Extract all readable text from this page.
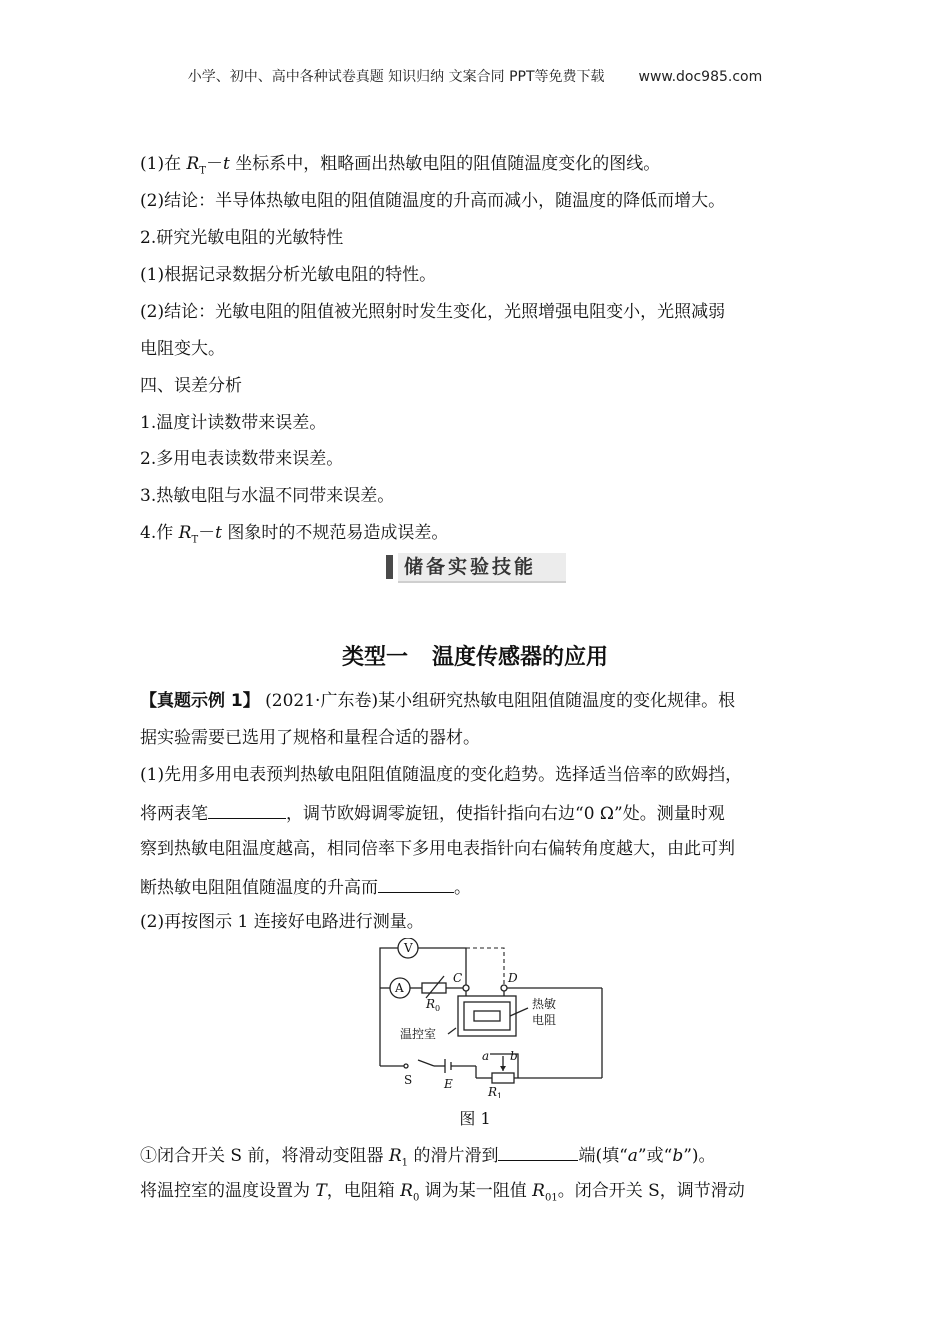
小学、初中、高中各种试卷真题 知识归纳 文案合同 PPT等免费下载 www.doc985.com
(1)在 $R_T-t$ 坐标系中，粗略画出热敏电阻的阻值随温度变化的图线。
(2)结论：半导体热敏电阻的阻值随温度的升高而减小，随温度的降低而增大。
2.研究光敏电阻的光敏特性
(1)根据记录数据分析光敏电阻的特性。
(2)结论：光敏电阻的阻值被光照射时发生变化，光照增强电阻变小，光照减弱
电阻变大。
四、误差分析
1.温度计读数带来误差。
2.多用电表读数带来误差。
3.热敏电阻与水温不同带来误差。
4.作 $R_T-t$ 图象时的不规范易造成误差。
储备实验技能
类型一 温度传感器的应用
【真题示例 1】 (2021·广东卷)某小组研究热敏电阻阻值随温度的变化规律。根
据实验需要已选用了规格和量程合适的器材。
(1)先用多用电表预判热敏电阻阻值随温度的变化趋势。选择适当倍率的欧姆挡，
将两表笔	，调节欧姆调零旋钮，使指针指向右边“0 Ω”处。测量时观
察到热敏电阻温度越高，相同倍率下多用电表指针向右偏转角度越大，由此可判
断热敏电阻阻值随温度的升高而	。
(2)再按图示 1 连接好电路进行测量。
V
A
R 0
C	D
温控室
热敏
电阻
S	E
a b
R 1
图 1
①闭合开关 S 前，将滑动变阻器 $R_1$ 的滑片滑到	端(填“a”或“b”)。
将温控室的温度设置为 T，电阻箱 $R_0$ 调为某一阻值 $R_{01}$。闭合开关 S，调节滑动
